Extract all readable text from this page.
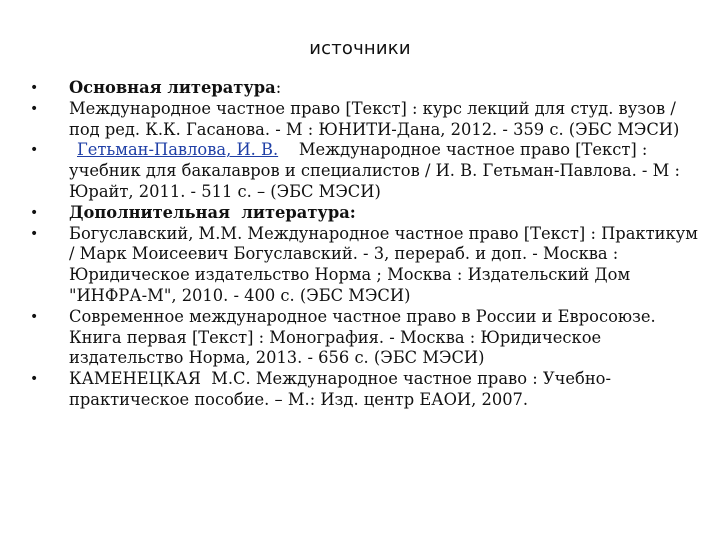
источники
•	Основная литература:
•	Международное частное право [Текст] : курс лекций для студ. вузов / под ред. К.К. Гасанова. - М : ЮНИТИ-Дана, 2012. - 359 с. (ЭБС МЭСИ)
•	Гетьман-Павлова, И. В.    Международное частное право [Текст] : учебник для бакалавров и специалистов / И. В. Гетьман-Павлова. - М : Юрайт, 2011. - 511 с. – (ЭБС МЭСИ)
•	Дополнительная  литература:
•	Богуславский, М.М. Международное частное право [Текст] : Практикум / Марк Моисеевич Богуславский. - 3, перераб. и доп. - Москва : Юридическое издательство Норма ; Москва : Издательский Дом "ИНФРА-М", 2010. - 400 с. (ЭБС МЭСИ)
•	Современное международное частное право в России и Евросоюзе. Книга первая [Текст] : Монография. - Москва : Юридическое издательство Норма, 2013. - 656 с. (ЭБС МЭСИ)
•	КАМЕНЕЦКАЯ  М.С. Международное частное право : Учебно-практическое пособие. – М.: Изд. центр ЕАОИ, 2007.
